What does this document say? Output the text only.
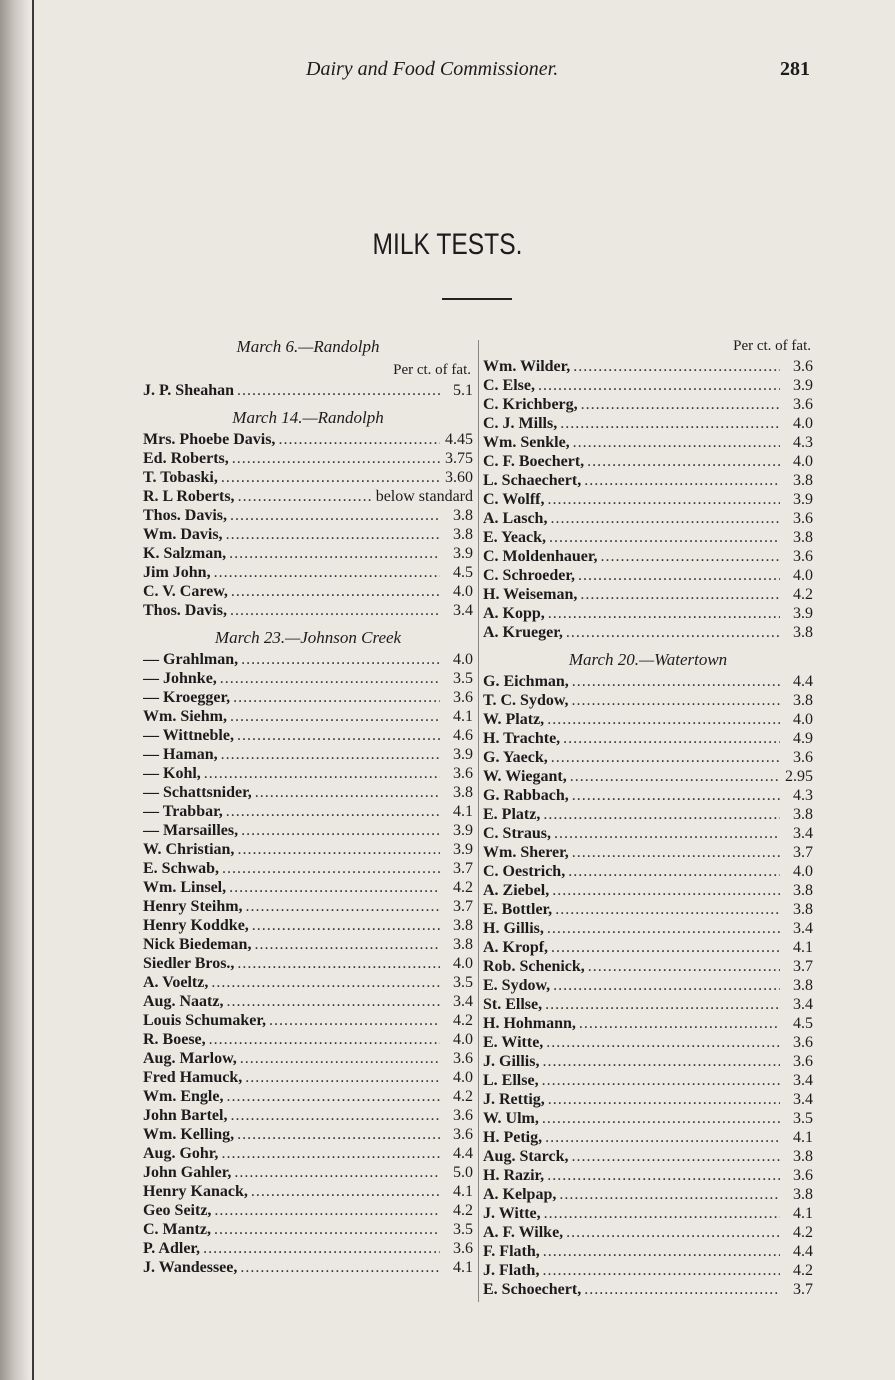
Dairy and Food Commissioner.	281
MILK TESTS.
March 6.—Randolph
Per ct. of fat.
J. P. Sheahan .....	5.1
March 14.—Randolph
Mrs. Phoebe Davis, .....	4.45
Ed. Roberts, .....	3.75
T. Tobaski, .....	3.60
R. L Roberts, .....	below standard
Thos. Davis, .....	3.8
Wm. Davis, .....	3.8
K. Salzman, .....	3.9
Jim John, .....	4.5
C. V. Carew, .....	4.0
Thos. Davis, .....	3.4
March 23.—Johnson Creek
— Grahlman, .....	4.0
— Johnke, .....	3.5
— Kroegger, .....	3.6
Wm. Siehm, .....	4.1
— Wittneble, .....	4.6
— Haman, .....	3.9
— Kohl, .....	3.6
— Schattsnider, .....	3.8
— Trabbar, .....	4.1
— Marsailles, .....	3.9
W. Christian, .....	3.9
E. Schwab, .....	3.7
Wm. Linsel, .....	4.2
Henry Steihm, .....	3.7
Henry Koddke, .....	3.8
Nick Biedeman, .....	3.8
Siedler Bros., .....	4.0
A. Voeltz, .....	3.5
Aug. Naatz, .....	3.4
Louis Schumaker, .....	4.2
R. Boese, .....	4.0
Aug. Marlow, .....	3.6
Fred Hamuck, .....	4.0
Wm. Engle, .....	4.2
John Bartel, .....	3.6
Wm. Kelling, .....	3.6
Aug. Gohr, .....	4.4
John Gahler, .....	5.0
Henry Kanack, .....	4.1
Geo Seitz, .....	4.2
C. Mantz, .....	3.5
P. Adler, .....	3.6
J. Wandessee, .....	4.1
Per ct. of fat.
Wm. Wilder, .....	3.6
C. Else, .....	3.9
C. Krichberg, .....	3.6
C. J. Mills, .....	4.0
Wm. Senkle, .....	4.3
C. F. Boechert, .....	4.0
L. Schaechert, .....	3.8
C. Wolff, .....	3.9
A. Lasch, .....	3.6
E. Yeack, .....	3.8
C. Moldenhauer, .....	3.6
C. Schroeder, .....	4.0
H. Weiseman, .....	4.2
A. Kopp, .....	3.9
A. Krueger, .....	3.8
March 20.—Watertown
G. Eichman, .....	4.4
T. C. Sydow, .....	3.8
W. Platz, .....	4.0
H. Trachte, .....	4.9
G. Yaeck, .....	3.6
W. Wiegant, .....	2.95
G. Rabbach, .....	4.3
E. Platz, .....	3.8
C. Straus, .....	3.4
Wm. Sherer, .....	3.7
C. Oestrich, .....	4.0
A. Ziebel, .....	3.8
E. Bottler, .....	3.8
H. Gillis, .....	3.4
A. Kropf, .....	4.1
Rob. Schenick, .....	3.7
E. Sydow, .....	3.8
St. Ellse, .....	3.4
H. Hohmann, .....	4.5
E. Witte, .....	3.6
J. Gillis, .....	3.6
L. Ellse, .....	3.4
J. Rettig, .....	3.4
W. Ulm, .....	3.5
H. Petig, .....	4.1
Aug. Starck, .....	3.8
H. Razir, .....	3.6
A. Kelpap, .....	3.8
J. Witte, .....	4.1
A. F. Wilke, .....	4.2
F. Flath, .....	4.4
J. Flath, .....	4.2
E. Schoechert, .....	3.7
